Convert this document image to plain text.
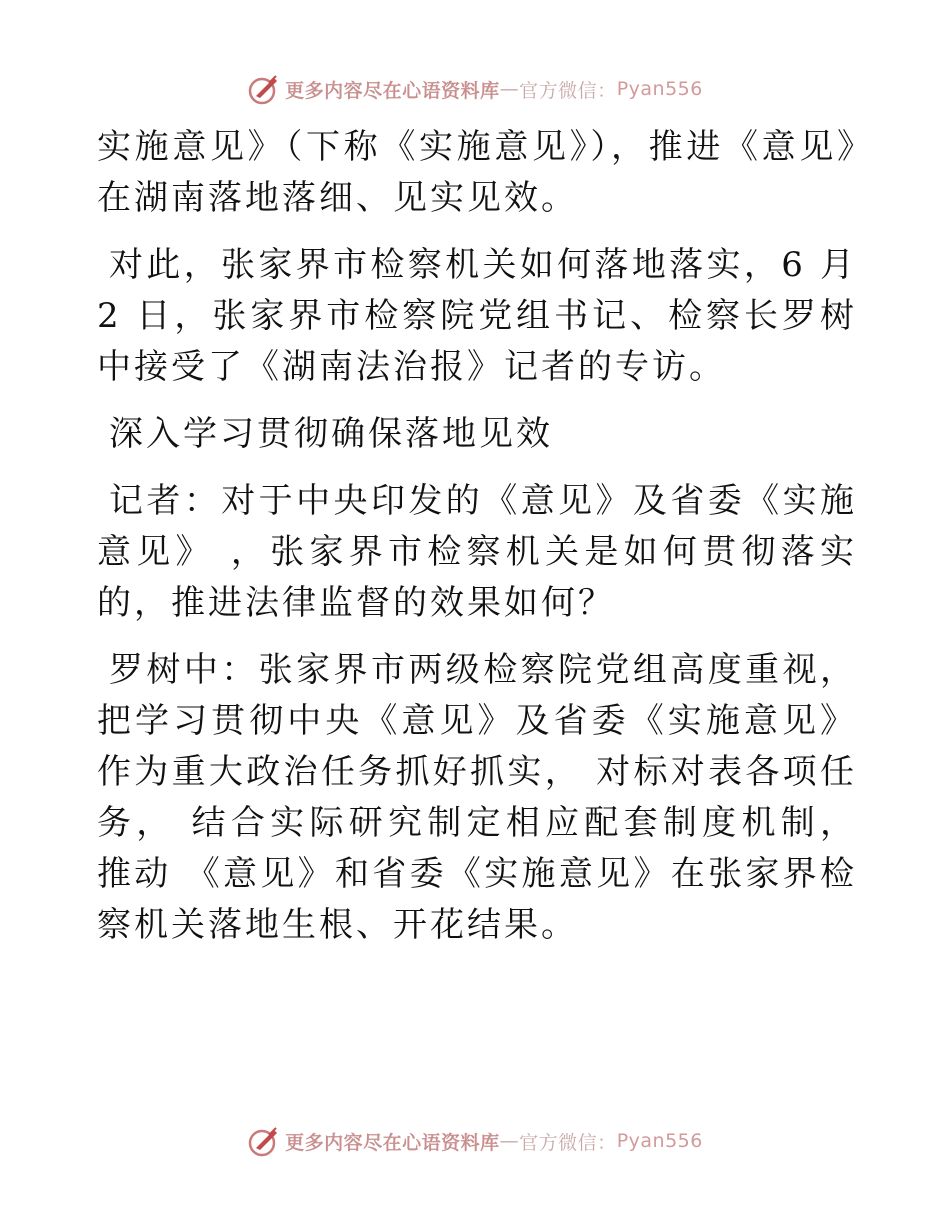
更多内容尽在心语资料库 — 官方微信： Pyan556

实施意见》（下称《实施意见》），推进《意见》在湖南落地落细、见实见效。

对此，张家界市检察机关如何落地落实，6 月 2 日，张家界市检察院党组书记、检察长罗树中接受了《湖南法治报》记者的专访。

深入学习贯彻确保落地见效

记者：对于中央印发的《意见》及省委《实施意见》 ，张家界市检察机关是如何贯彻落实的，推进法律监督的效果如何？

罗树中：张家界市两级检察院党组高度重视，把学习贯彻中央《意见》及省委《实施意见》作为重大政治任务抓好抓实， 对标对表各项任务， 结合实际研究制定相应配套制度机制， 推动 《意见》和省委《实施意见》在张家界检察机关落地生根、开花结果。

更多内容尽在心语资料库 — 官方微信： Pyan556
